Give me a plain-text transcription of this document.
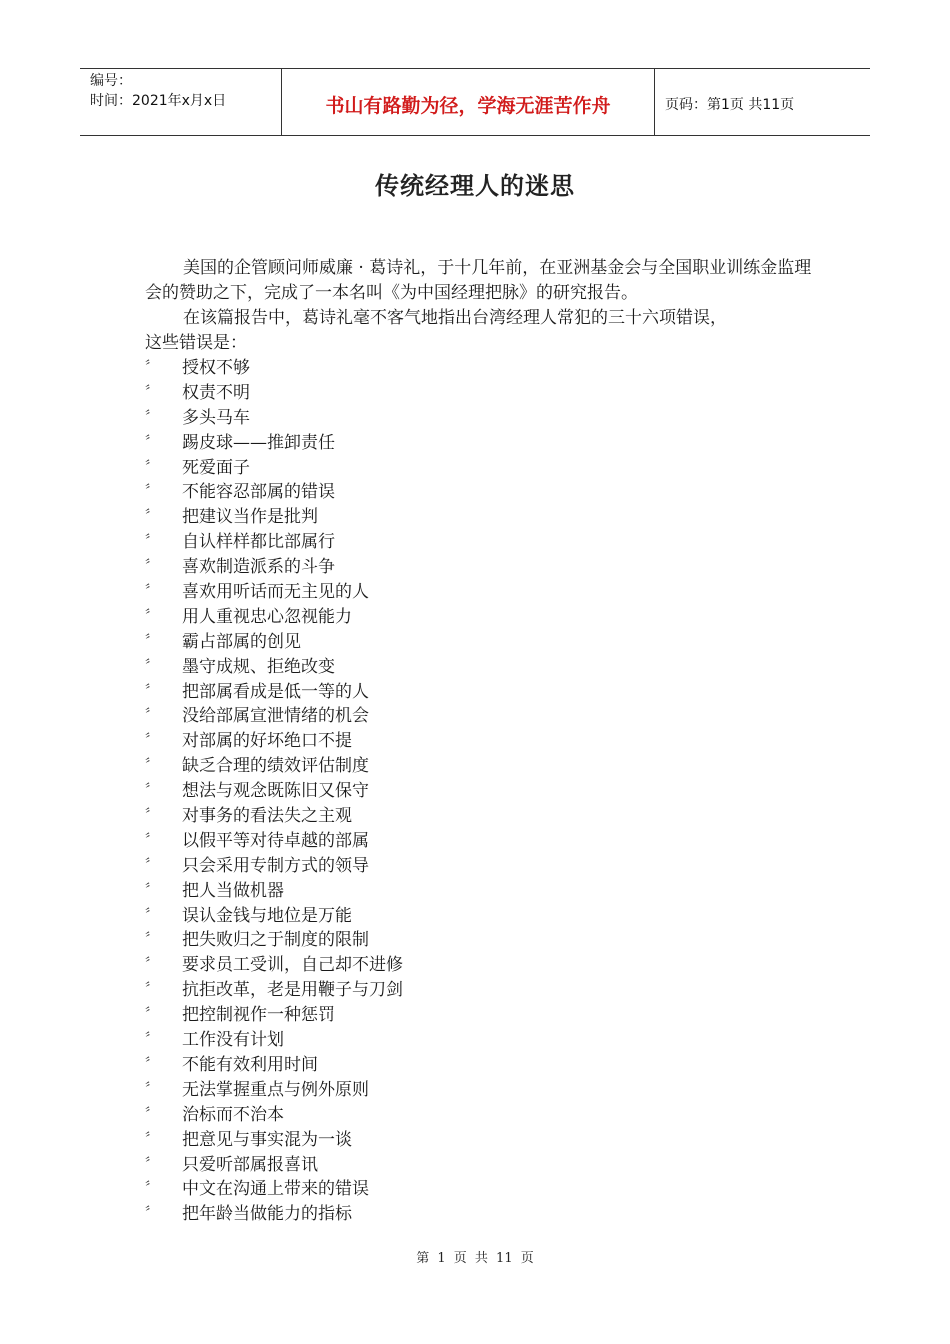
编号：
时间：2021年x月x日	书山有路勤为径，学海无涯苦作舟	页码：第1页 共11页
传统经理人的迷思

美国的企管顾问师威廉 · 葛诗礼，于十几年前，在亚洲基金会与全国职业训练金监理会的赞助之下，完成了一本名叫《为中国经理把脉》的研究报告。

在该篇报告中，葛诗礼毫不客气地指出台湾经理人常犯的三十六项错误，

这些错误是：

〞	授权不够
〞	权责不明
〞	多头马车
〞	踢皮球——推卸责任
〞	死爱面子
〞	不能容忍部属的错误
〞	把建议当作是批判
〞	自认样样都比部属行
〞	喜欢制造派系的斗争
〞	喜欢用听话而无主见的人
〞	用人重视忠心忽视能力
〞	霸占部属的创见
〞	墨守成规、拒绝改变
〞	把部属看成是低一等的人
〞	没给部属宣泄情绪的机会
〞	对部属的好坏绝口不提
〞	缺乏合理的绩效评估制度
〞	想法与观念既陈旧又保守
〞	对事务的看法失之主观
〞	以假平等对待卓越的部属
〞	只会采用专制方式的领导
〞	把人当做机器
〞	误认金钱与地位是万能
〞	把失败归之于制度的限制
〞	要求员工受训，自己却不进修
〞	抗拒改革，老是用鞭子与刀剑
〞	把控制视作一种惩罚
〞	工作没有计划
〞	不能有效利用时间
〞	无法掌握重点与例外原则
〞	治标而不治本
〞	把意见与事实混为一谈
〞	只爱听部属报喜讯
〞	中文在沟通上带来的错误
〞	把年龄当做能力的指标
第 1 页 共 11 页
